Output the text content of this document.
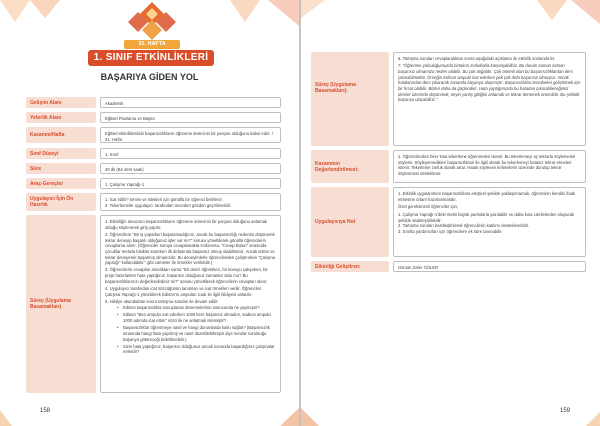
31. HAFTA
1. SINIF ETKİNLİKLERİ
BAŞARIYA GİDEN YOL
Gelişim Alanı	Akademik
Yeterlik Alanı	Eğitsel Planlama ve Başarı
Kazanım/Hafta	Eğitsel etkinliklerdeki başarısızlıkların öğrenme sürecinin bir parçası olduğunu kabul eder. / 31. Hafta
Sınıf Düzeyi	1. Sınıf
Süre	40 dk (Bir ders saati)
Araç-Gereçler	1. Çalışma Yaprağı-1
Uygulayıcı İçin Ön Hazırlık
1. İcat edilir? temini ve istekleri için gönüllü bir öğrenci belirlenir.
2. Tekerlemeler uygulayıcı tarafından önceden gözden geçirilmelidir.
Süreç (Uygulama Basamakları)
1. Etkinliğin amacının başarısızlıkların öğrenme sürecinin bir parçası olduğunu anlamak olduğu söylenerek giriş yapılır.
2. Öğrencilere "Bir iş yaparken başaramadığınız, ancak bu başarısızlığı nedenini düşünerek tekrar deneyip başarılı olduğunuz işler var mı?" sorusu yöneltilerek gönüllü öğrencilerin cevaplama alınır. (Öğrenciler soruya cevaplamakta zorlanırsa, "Cevap Bulun" sırasında çocuklar mesela bisiklet sürerken ilk defasında başarısız olmuş olabilirsiniz. Ancak tekrar ve tekrar deneyerek başarmış olmanızdır. Bu deneyimlerle öğrencilerden çalıştırırken "Çalışma yaprağı" kullanılabilir." gibi cümleler ile örnekler verilebilir.)
3. Öğrencilerin cevapları alındıktan sonra "Bir deniz öğretirken, bir konuyu çalışırken, bir proje hazırlarken hata yaptığınız, başarısız olduğunuz zamanlar oldu mu? Bu başarısızlıklarınızı değerlendirdiniz mi?" sorusu yöneltilerek öğrencilerin cevapları alınır.
4. Uygulayıcı tarafından icat sözcüğünün tanımları ve icat örnekleri verilir. Öğrenciler Çalışma Yaprağı-1 yönetilerek Edison'ın ampulün icadı ile ilgili hikâyesi anlatılır.
5. Hikâye okunduktan sonra tartışma soruları ile devam edilir:
• Edison başarısızlıkla sonuçlanan denemelerinin sonucunda ne yapmıştır?
• Edison "Ben ampulü icat ederken 1000 kere başarısız olmadım, sadece ampulü 1000 adımda icat ettim" sözü ile ne anlatmak istemiştir?
• Başarısızlıklar öğrenmeye nasıl ve hangi durumlarda katkı sağlar? (Başarısızlık sırasında hangi hata yapılmış ve nasıl düzeltilebilmiştir diye sorular sorulduğu başarıya götüreceği belirtilmelidir.)
• Sizin hata yaptığınız, başarısız olduğunuz ancak sonunda başardığınız çalışmalar nelerdir?
158
Süreç (Uygulama Basamakları):
6. Tartışma soruları cevaplandıktan sonra aşağıdaki açıklama ile etkinlik sonlandırılır.
7. "Öğrenme yolculuğumuzda birtakım zorluklarla karşılaşabiliriz. Bu durum zaman zaman başarısız olmamıza neden olabilir. Bu çok doğaldır. Çok önemli olan bu başarısızlıklardan ders çıkarabilmektir. Örneğin Edison ampulü icat ederken pek çok defa başarısız olmuştur. Ancak hatalarından ders çıkararak sonunda başarıya ulaşmıştır. Başarısızlıklar tecrübeleri geliştirmek için bir fırsat olabilir. Bizleri daha da güçlendirir. Hata yaptığımızda bu hatadan çıkarabileceğimiz dersler üzerinde düşünmek, neyin yanlış gittiğini anlamak ve tekrar denemek önemlidir. Bu şekilde başarıya ulaşabiliriz."
Kazanımın Değerlendirilmesi:
1. Öğrencilerden birer kısa tekerleme öğrenmeleri istenir. Bu tekerlemeyi üç tekrarla söylemeleri söylenir. Söyleyemedikleri başarısızlıkları ile ilgili olarak bu tekerlemeyi hatasız tekrar etmeleri istenir. Tekerleme zorluk olarak artar. Hatalı söylenen kelimelerin üzerinde durulup tekrar söylenmesi desteklenir.
Uygulayıcıya Not
1. Etkinlik uygulanırken başarısızlıklara eleştirel şekilde yaklaşılmamalı, öğrencinin kendini ifade etmesine ortam hazırlanmalıdır.
Özel gereksinimli öğrenciler için;
1. Çalışma Yaprağı-1'deki metin büyük puntolarla yazılabilir ve daha kısa cümlelerden oluşacak şekilde sadeleştirilebilir.
2. Tartışma soruları basitleştirilerek öğrencilerin katılımı desteklenebilir.
3. Sınıfta yardımcıları için öğrencilere ek süre tanınabilir.
Etkinliği Geliştiren:	Osman Zafer GÜLER
159
